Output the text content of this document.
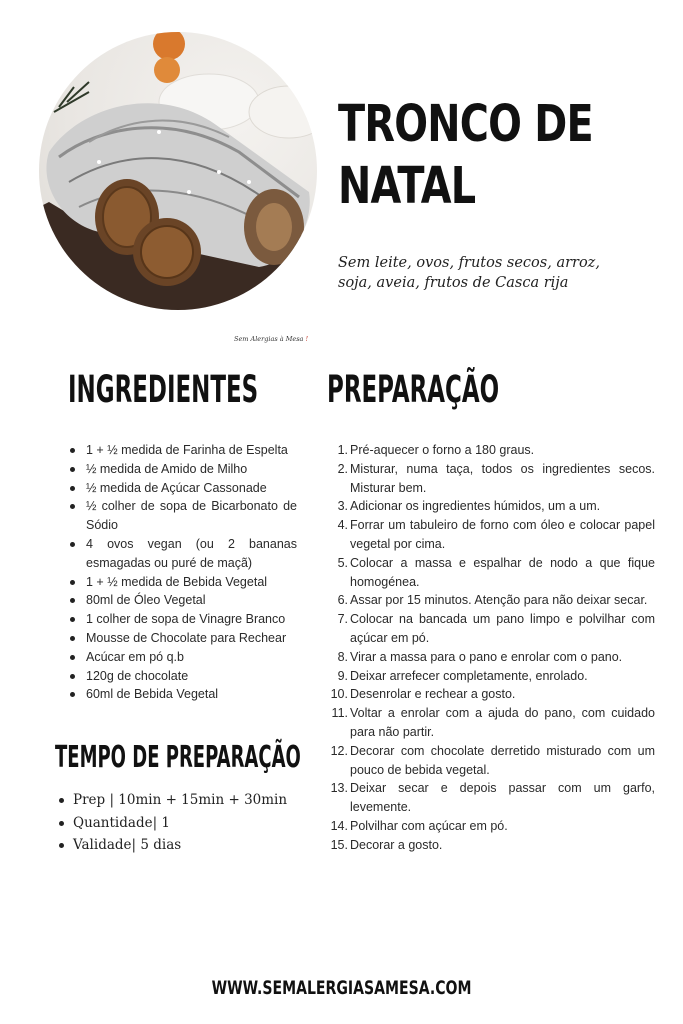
TRONCO DE
NATAL
Sem leite, ovos, frutos secos, arroz, soja, aveia, frutos de Casca rija
Sem Alergias à Mesa !
INGREDIENTES
1 + ½ medida de Farinha de Espelta
½ medida de Amido de Milho
½ medida de Açúcar Cassonade
½ colher de sopa de Bicarbonato de Sódio
4 ovos vegan (ou 2 bananas esmagadas ou puré de maçã)
1 + ½ medida de Bebida Vegetal
80ml de Óleo Vegetal
1 colher de sopa de Vinagre Branco
Mousse de Chocolate para Rechear
Acúcar em pó q.b
120g de chocolate
60ml de Bebida Vegetal
PREPARAÇÃO
1. Pré-aquecer o forno a 180 graus.
2. Misturar, numa taça, todos os ingredientes secos. Misturar bem.
3. Adicionar os ingredientes húmidos, um a um.
4. Forrar um tabuleiro de forno com óleo e colocar papel vegetal por cima.
5. Colocar a massa e espalhar de nodo a que fique homogénea.
6. Assar por 15 minutos. Atenção para não deixar secar.
7. Colocar na bancada um pano limpo e polvilhar com açúcar em pó.
8. Virar a massa para o pano e enrolar com o pano.
9. Deixar arrefecer completamente, enrolado.
10. Desenrolar e rechear a gosto.
11. Voltar a enrolar com a ajuda do pano, com cuidado para não partir.
12. Decorar com chocolate derretido misturado com um pouco de bebida vegetal.
13. Deixar secar e depois passar com um garfo, levemente.
14. Polvilhar com açúcar em pó.
15. Decorar a gosto.
TEMPO DE PREPARAÇÃO
Prep | 10min + 15min + 30min
Quantidade| 1
Validade| 5 dias
WWW.SEMALERGIASAMESA.COM
